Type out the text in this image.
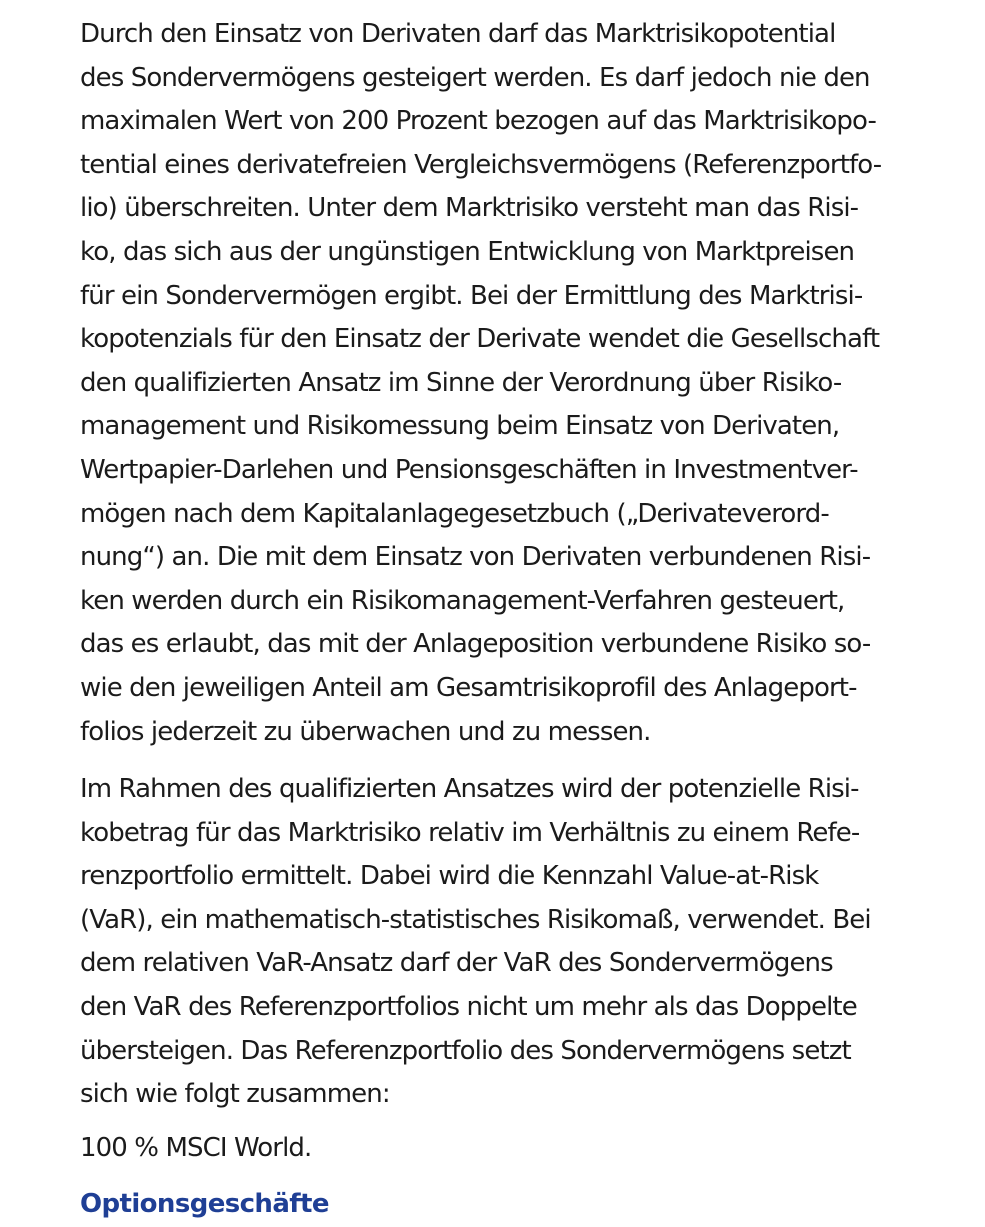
Durch den Einsatz von Derivaten darf das Marktrisikopotential
des Sondervermögens gesteigert werden. Es darf jedoch nie den
maximalen Wert von 200 Prozent bezogen auf das Marktrisikopo-
tential eines derivatefreien Vergleichsvermögens (Referenzportfo-
lio) überschreiten. Unter dem Marktrisiko versteht man das Risi-
ko, das sich aus der ungünstigen Entwicklung von Marktpreisen
für ein Sondervermögen ergibt. Bei der Ermittlung des Marktrisi-
kopotenzials für den Einsatz der Derivate wendet die Gesellschaft
den qualifizierten Ansatz im Sinne der Verordnung über Risiko-
management und Risikomessung beim Einsatz von Derivaten,
Wertpapier-Darlehen und Pensionsgeschäften in Investmentver-
mögen nach dem Kapitalanlagegesetzbuch („Derivateverord-
nung“) an. Die mit dem Einsatz von Derivaten verbundenen Risi-
ken werden durch ein Risikomanagement-Verfahren gesteuert,
das es erlaubt, das mit der Anlageposition verbundene Risiko so-
wie den jeweiligen Anteil am Gesamtrisikoprofil des Anlageport-
folios jederzeit zu überwachen und zu messen.
Im Rahmen des qualifizierten Ansatzes wird der potenzielle Risi-
kobetrag für das Marktrisiko relativ im Verhältnis zu einem Refe-
renzportfolio ermittelt. Dabei wird die Kennzahl Value-at-Risk
(VaR), ein mathematisch-statistisches Risikomaß, verwendet. Bei
dem relativen VaR-Ansatz darf der VaR des Sondervermögens
den VaR des Referenzportfolios nicht um mehr als das Doppelte
übersteigen. Das Referenzportfolio des Sondervermögens setzt
sich wie folgt zusammen:
100 % MSCI World.
Optionsgeschäfte
